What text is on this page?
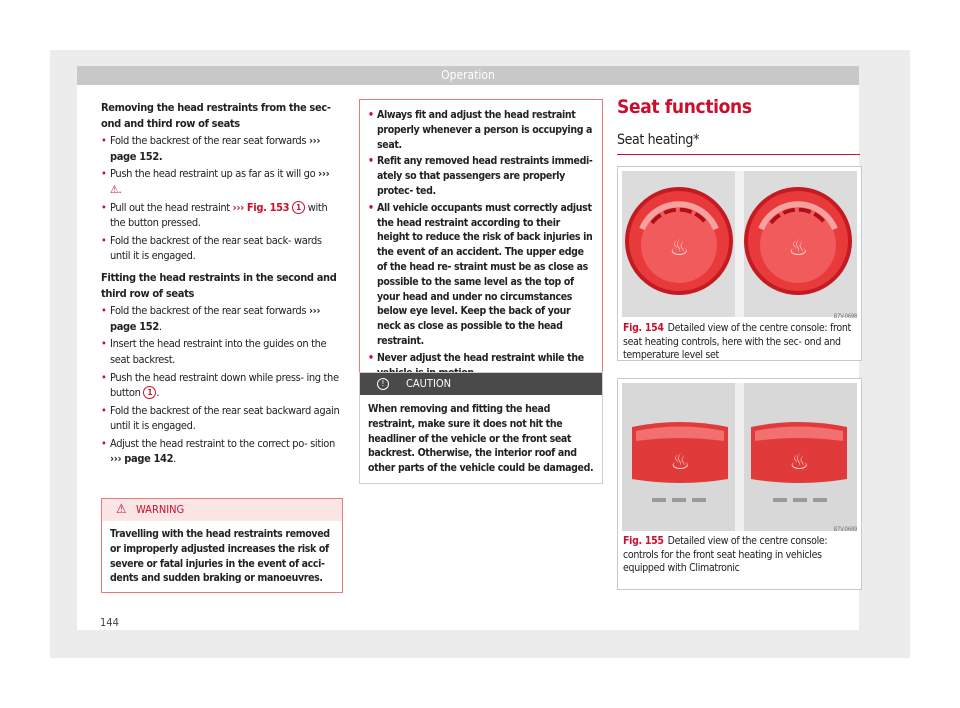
Operation

Removing the head restraints from the sec- ond and third row of seats

• Fold the backrest of the rear seat forwards ››› page 152.
• Push the head restraint up as far as it will go ››› ⚠.
• Pull out the head restraint ››› Fig. 153 1 with the button pressed.
• Fold the backrest of the rear seat back- wards until it is engaged.

Fitting the head restraints in the second and third row of seats

• Fold the backrest of the rear seat forwards ››› page 152.
• Insert the head restraint into the guides on the seat backrest.
• Push the head restraint down while press- ing the button 1 .
• Fold the backrest of the rear seat backward again until it is engaged.
• Adjust the head restraint to the correct po- sition ››› page 142.
⚠ WARNING
Travelling with the head restraints removed or improperly adjusted increases the risk of severe or fatal injuries in the event of acci- dents and sudden braking or manoeuvres.
• Always fit and adjust the head restraint properly whenever a person is occupying a seat.
• Refit any removed head restraints immedi- ately so that passengers are properly protec- ted.
• All vehicle occupants must correctly adjust the head restraint according to their height to reduce the risk of back injuries in the event of an accident. The upper edge of the head re- straint must be as close as possible to the same level as the top of your head and under no circumstances below eye level. Keep the back of your neck as close as possible to the head restraint.
• Never adjust the head restraint while the
!	CAUTION
When removing and fitting the head restraint, make sure it does not hit the headliner of the vehicle or the front seat backrest. Otherwise, the interior roof and other parts of the vehicle could be damaged.
Seat functions
Seat heating*
♨	♨
B7V-0698
Fig. 154 Detailed view of the centre console: front seat heating controls, here with the sec- ond and temperature level set
♨	♨
B7V-0699
Fig. 155 Detailed view of the centre console: controls for the front seat heating in vehicles equipped with Climatronic
144
